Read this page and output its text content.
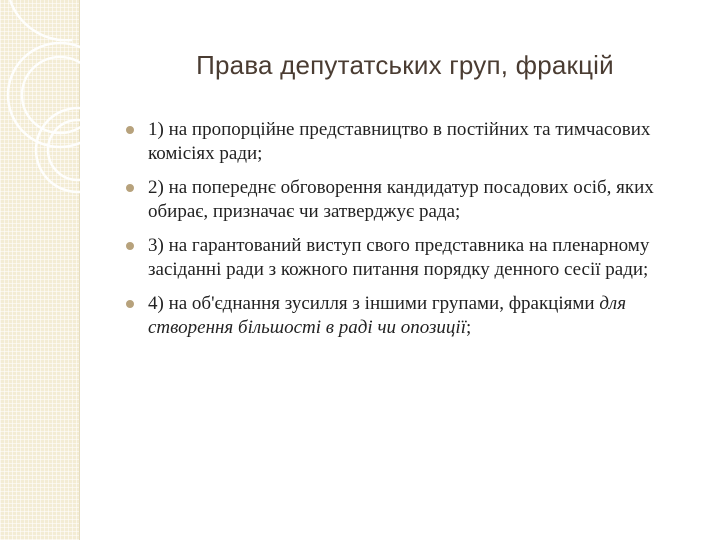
Права депутатських груп, фракцій
1) на пропорційне представництво в постійних та тимчасових комісіях ради;
2) на попереднє обговорення кандидатур посадових осіб, яких обирає, призначає чи затверджує рада;
3) на гарантований виступ свого представника на пленарному засіданні ради з кожного питання порядку денного сесії ради;
4) на об'єднання зусилля з іншими групами, фракціями для створення більшості в раді чи опозиції;
